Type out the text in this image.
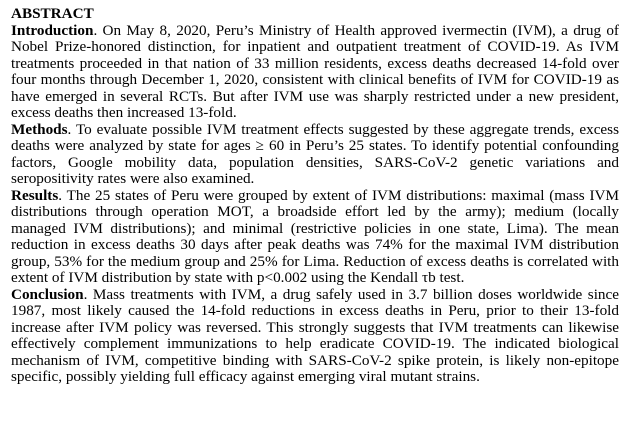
ABSTRACT

Introduction. On May 8, 2020, Peru’s Ministry of Health approved ivermectin (IVM), a drug of Nobel Prize-honored distinction, for inpatient and outpatient treatment of COVID-19. As IVM treatments proceeded in that nation of 33 million residents, excess deaths decreased 14-fold over four months through December 1, 2020, consistent with clinical benefits of IVM for COVID-19 as have emerged in several RCTs. But after IVM use was sharply restricted under a new president, excess deaths then increased 13-fold.

Methods. To evaluate possible IVM treatment effects suggested by these aggregate trends, excess deaths were analyzed by state for ages ≥ 60 in Peru’s 25 states. To identify potential confounding factors, Google mobility data, population densities, SARS-CoV-2 genetic variations and seropositivity rates were also examined.

Results. The 25 states of Peru were grouped by extent of IVM distributions: maximal (mass IVM distributions through operation MOT, a broadside effort led by the army); medium (locally managed IVM distributions); and minimal (restrictive policies in one state, Lima). The mean reduction in excess deaths 30 days after peak deaths was 74% for the maximal IVM distribution group, 53% for the medium group and 25% for Lima. Reduction of excess deaths is correlated with extent of IVM distribution by state with p<0.002 using the Kendall τb test.

Conclusion. Mass treatments with IVM, a drug safely used in 3.7 billion doses worldwide since 1987, most likely caused the 14-fold reductions in excess deaths in Peru, prior to their 13-fold increase after IVM policy was reversed. This strongly suggests that IVM treatments can likewise effectively complement immunizations to help eradicate COVID-19. The indicated biological mechanism of IVM, competitive binding with SARS-CoV-2 spike protein, is likely non-epitope specific, possibly yielding full efficacy against emerging viral mutant strains.
